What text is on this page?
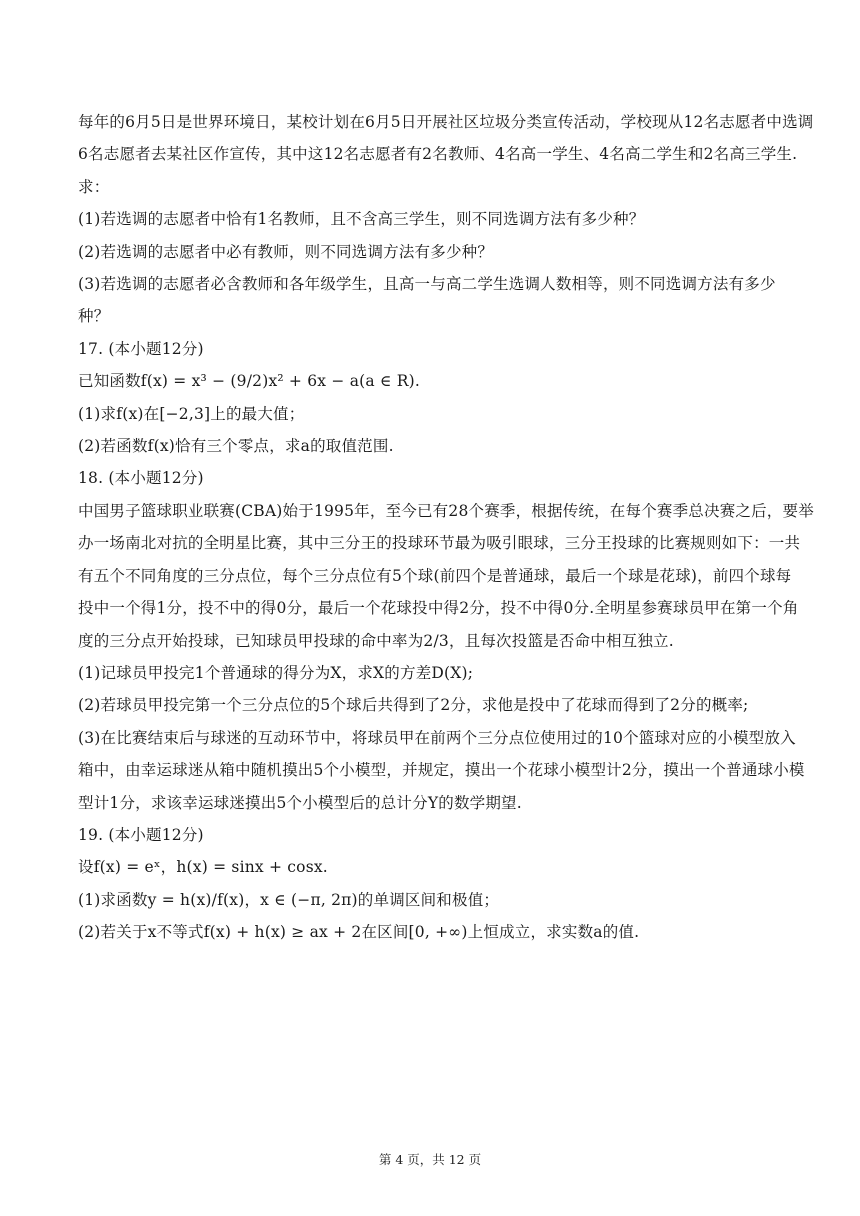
每年的6月5日是世界环境日，某校计划在6月5日开展社区垃圾分类宣传活动，学校现从12名志愿者中选调
6名志愿者去某社区作宣传，其中这12名志愿者有2名教师、4名高一学生、4名高二学生和2名高三学生.
求：
(1)若选调的志愿者中恰有1名教师，且不含高三学生，则不同选调方法有多少种？
(2)若选调的志愿者中必有教师，则不同选调方法有多少种？
(3)若选调的志愿者必含教师和各年级学生，且高一与高二学生选调人数相等，则不同选调方法有多少
种？
17. (本小题12分)
已知函数f(x) = x³ − (9/2)x² + 6x − a(a ∈ R).
(1)求f(x)在[−2,3]上的最大值；
(2)若函数f(x)恰有三个零点，求a的取值范围.
18. (本小题12分)
中国男子篮球职业联赛(CBA)始于1995年，至今已有28个赛季，根据传统，在每个赛季总决赛之后，要举
办一场南北对抗的全明星比赛，其中三分王的投球环节最为吸引眼球，三分王投球的比赛规则如下：一共
有五个不同角度的三分点位，每个三分点位有5个球(前四个是普通球，最后一个球是花球)，前四个球每
投中一个得1分，投不中的得0分，最后一个花球投中得2分，投不中得0分.全明星参赛球员甲在第一个角
度的三分点开始投球，已知球员甲投球的命中率为2/3，且每次投篮是否命中相互独立.
(1)记球员甲投完1个普通球的得分为X，求X的方差D(X);
(2)若球员甲投完第一个三分点位的5个球后共得到了2分，求他是投中了花球而得到了2分的概率;
(3)在比赛结束后与球迷的互动环节中，将球员甲在前两个三分点位使用过的10个篮球对应的小模型放入
箱中，由幸运球迷从箱中随机摸出5个小模型，并规定，摸出一个花球小模型计2分，摸出一个普通球小模
型计1分，求该幸运球迷摸出5个小模型后的总计分Y的数学期望.
19. (本小题12分)
设f(x) = eˣ，h(x) = sinx + cosx.
(1)求函数y = h(x)/f(x)，x ∈ (−π, 2π)的单调区间和极值；
(2)若关于x不等式f(x) + h(x) ≥ ax + 2在区间[0, +∞)上恒成立，求实数a的值.
第 4 页，共 12 页
